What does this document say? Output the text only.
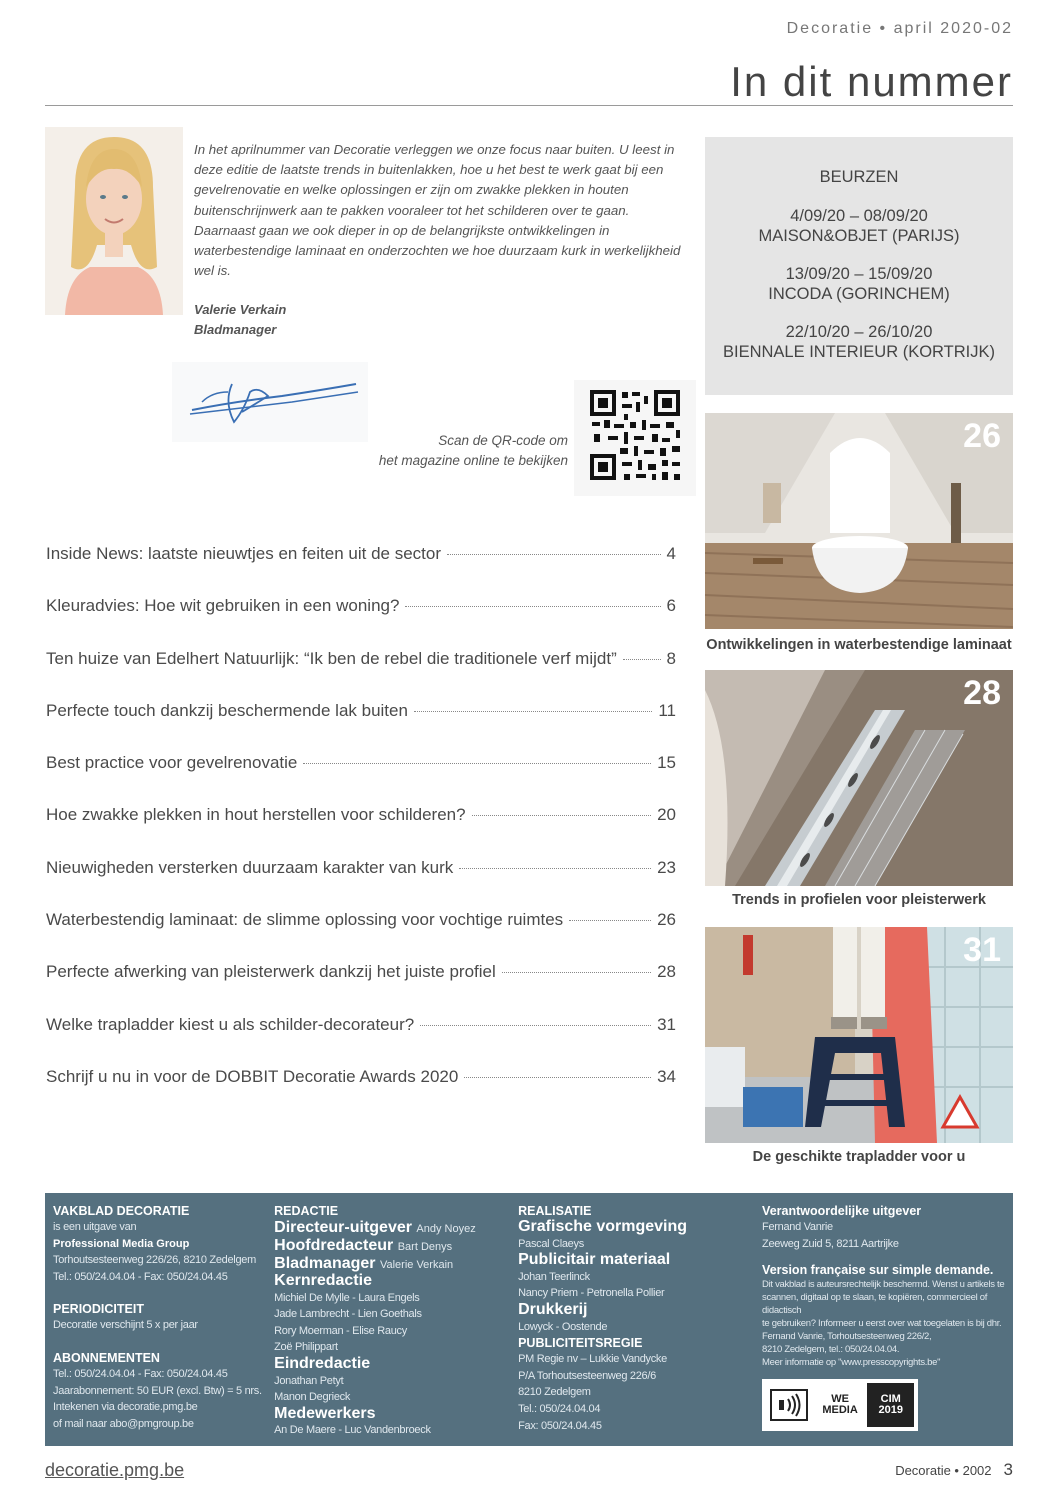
Decoratie • april 2020-02
In dit nummer

In het aprilnummer van Decoratie verleggen we onze focus naar buiten. U leest in deze editie de laatste trends in buitenlakken, hoe u het best te werk gaat bij een gevelrenovatie en welke oplossingen er zijn om zwakke plekken in houten buitenschrijnwerk aan te pakken vooraleer tot het schilderen over te gaan. Daarnaast gaan we ook dieper in op de belangrijkste ontwikkelingen in waterbestendige laminaat en onderzochten we hoe duurzaam kurk in werkelijkheid wel is.

Valerie Verkain
Bladmanager
Scan de QR-code om
het magazine online te bekijken
Inside News: laatste nieuwtjes en feiten uit de sector	4
Kleuradvies: Hoe wit gebruiken in een woning?	6
Ten huize van Edelhert Natuurlijk: “Ik ben de rebel die traditionele verf mijdt”	8
Perfecte touch dankzij beschermende lak buiten	11
Best practice voor gevelrenovatie	15
Hoe zwakke plekken in hout herstellen voor schilderen?	20
Nieuwigheden versterken duurzaam karakter van kurk	23
Waterbestendig laminaat: de slimme oplossing voor vochtige ruimtes	26
Perfecte afwerking van pleisterwerk dankzij het juiste profiel	28
Welke trapladder kiest u als schilder-decorateur?	31
Schrijf u nu in voor de DOBBIT Decoratie Awards 2020	34
BEURZEN
4/09/20 – 08/09/20
MAISON&OBJET (PARIJS)
13/09/20 – 15/09/20
INCODA (GORINCHEM)
22/10/20 – 26/10/20
BIENNALE INTERIEUR (KORTRIJK)
26
Ontwikkelingen in waterbestendige laminaat
28
Trends in profielen voor pleisterwerk
31
De geschikte trapladder voor u
VAKBLAD DECORATIE
is een uitgave van
Professional Media Group
Torhoutsesteenweg 226/26, 8210 Zedelgem
Tel.: 050/24.04.04 - Fax: 050/24.04.45
PERIODICITEIT
Decoratie verschijnt 5 x per jaar
ABONNEMENTEN
Tel.: 050/24.04.04 - Fax: 050/24.04.45
Jaarabonnement: 50 EUR (excl. Btw) = 5 nrs.
Intekenen via decoratie.pmg.be
of mail naar abo@pmgroup.be
REDACTIE
Directeur-uitgever Andy Noyez
Hoofdredacteur Bart Denys
Bladmanager Valerie Verkain
Kernredactie
Michiel De Mylle - Laura Engels
Jade Lambrecht - Lien Goethals
Rory Moerman - Elise Raucy
Zoë Philippart
Eindredactie
Jonathan Petyt
Manon Degrieck
Medewerkers
An De Maere - Luc Vandenbroeck
REALISATIE
Grafische vormgeving
Pascal Claeys
Publicitair materiaal
Johan Teerlinck
Nancy Priem - Petronella Pollier
Drukkerij
Lowyck - Oostende
PUBLICITEITSREGIE
PM Regie nv – Lukkie Vandycke
P/A Torhoutsesteenweg 226/6
8210 Zedelgem
Tel.: 050/24.04.04
Fax: 050/24.04.45
Verantwoordelijke uitgever
Fernand Vanrie
Zeeweg Zuid 5, 8211 Aartrijke
Version française sur simple demande.
Dit vakblad is auteursrechtelijk beschermd. Wenst u artikels te
scannen, digitaal op te slaan, te kopiëren, commercieel of didactisch
te gebruiken? Informeer u eerst over wat toegelaten is bij dhr.
Fernand Vanrie, Torhoutsesteenweg 226/2,
8210 Zedelgem, tel.: 050/24.04.04.
Meer informatie op "www.presscopyrights.be"
WE MEDIA
CIM 2019
decoratie.pmg.be	Decoratie • 2002 3
